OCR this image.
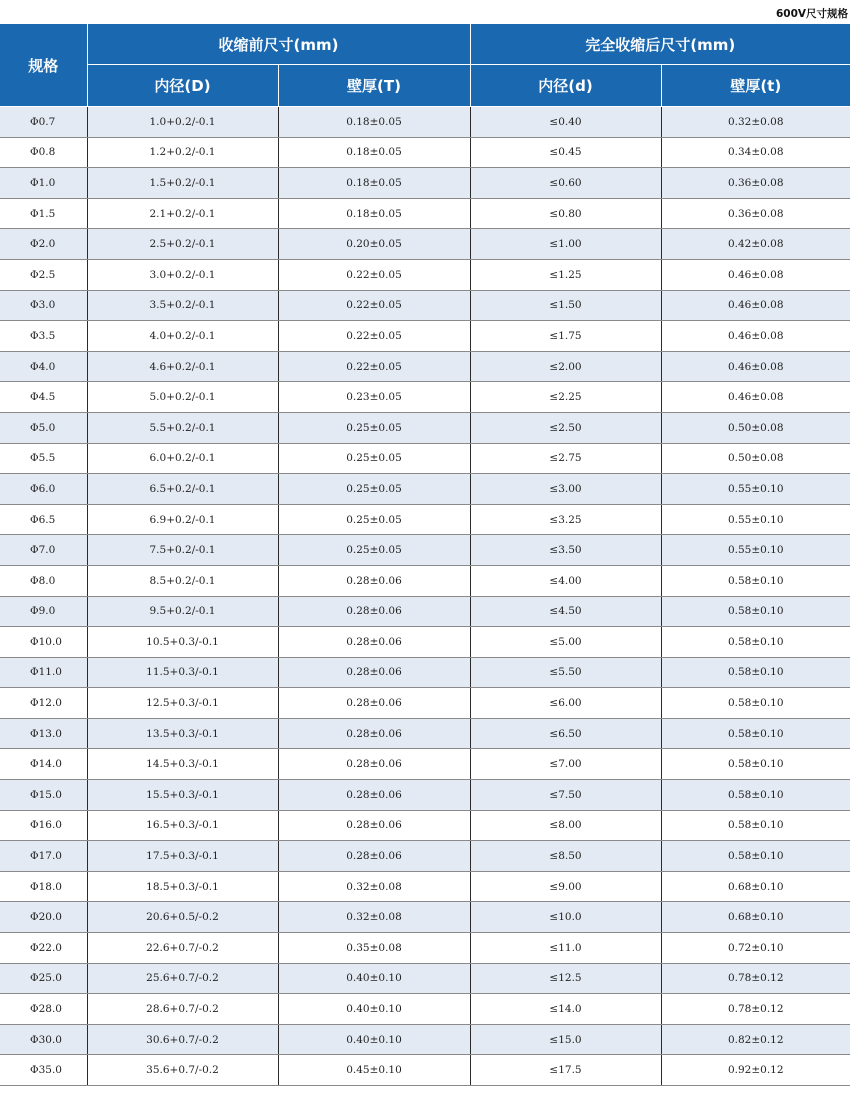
600V尺寸规格
规格	收缩前尺寸(mm)		完全收缩后尺寸(mm)	
	内径(D)	壁厚(T)	内径(d)	壁厚(t)
Φ0.7	1.0+0.2/-0.1	0.18±0.05	≤0.40	0.32±0.08
Φ0.8	1.2+0.2/-0.1	0.18±0.05	≤0.45	0.34±0.08
Φ1.0	1.5+0.2/-0.1	0.18±0.05	≤0.60	0.36±0.08
Φ1.5	2.1+0.2/-0.1	0.18±0.05	≤0.80	0.36±0.08
Φ2.0	2.5+0.2/-0.1	0.20±0.05	≤1.00	0.42±0.08
Φ2.5	3.0+0.2/-0.1	0.22±0.05	≤1.25	0.46±0.08
Φ3.0	3.5+0.2/-0.1	0.22±0.05	≤1.50	0.46±0.08
Φ3.5	4.0+0.2/-0.1	0.22±0.05	≤1.75	0.46±0.08
Φ4.0	4.6+0.2/-0.1	0.22±0.05	≤2.00	0.46±0.08
Φ4.5	5.0+0.2/-0.1	0.23±0.05	≤2.25	0.46±0.08
Φ5.0	5.5+0.2/-0.1	0.25±0.05	≤2.50	0.50±0.08
Φ5.5	6.0+0.2/-0.1	0.25±0.05	≤2.75	0.50±0.08
Φ6.0	6.5+0.2/-0.1	0.25±0.05	≤3.00	0.55±0.10
Φ6.5	6.9+0.2/-0.1	0.25±0.05	≤3.25	0.55±0.10
Φ7.0	7.5+0.2/-0.1	0.25±0.05	≤3.50	0.55±0.10
Φ8.0	8.5+0.2/-0.1	0.28±0.06	≤4.00	0.58±0.10
Φ9.0	9.5+0.2/-0.1	0.28±0.06	≤4.50	0.58±0.10
Φ10.0	10.5+0.3/-0.1	0.28±0.06	≤5.00	0.58±0.10
Φ11.0	11.5+0.3/-0.1	0.28±0.06	≤5.50	0.58±0.10
Φ12.0	12.5+0.3/-0.1	0.28±0.06	≤6.00	0.58±0.10
Φ13.0	13.5+0.3/-0.1	0.28±0.06	≤6.50	0.58±0.10
Φ14.0	14.5+0.3/-0.1	0.28±0.06	≤7.00	0.58±0.10
Φ15.0	15.5+0.3/-0.1	0.28±0.06	≤7.50	0.58±0.10
Φ16.0	16.5+0.3/-0.1	0.28±0.06	≤8.00	0.58±0.10
Φ17.0	17.5+0.3/-0.1	0.28±0.06	≤8.50	0.58±0.10
Φ18.0	18.5+0.3/-0.1	0.32±0.08	≤9.00	0.68±0.10
Φ20.0	20.6+0.5/-0.2	0.32±0.08	≤10.0	0.68±0.10
Φ22.0	22.6+0.7/-0.2	0.35±0.08	≤11.0	0.72±0.10
Φ25.0	25.6+0.7/-0.2	0.40±0.10	≤12.5	0.78±0.12
Φ28.0	28.6+0.7/-0.2	0.40±0.10	≤14.0	0.78±0.12
Φ30.0	30.6+0.7/-0.2	0.40±0.10	≤15.0	0.82±0.12
Φ35.0	35.6+0.7/-0.2	0.45±0.10	≤17.5	0.92±0.12
